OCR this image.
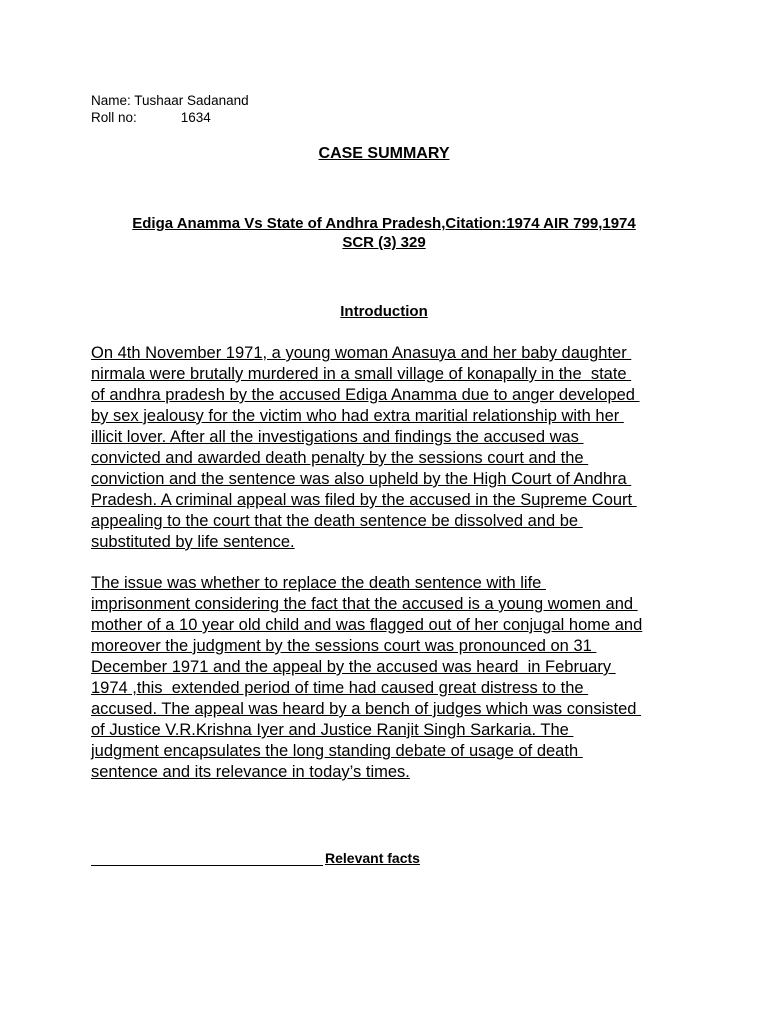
Name: Tushaar Sadanand
Roll no:	1634
CASE SUMMARY
Ediga Anamma Vs State of Andhra Pradesh,Citation:1974 AIR 799,1974
SCR (3) 329
Introduction
On 4th November 1971, a young woman Anasuya and her baby daughter
nirmala were brutally murdered in a small village of konapally in the  state
of andhra pradesh by the accused Ediga Anamma due to anger developed
by sex jealousy for the victim who had extra maritial relationship with her
illicit lover. After all the investigations and findings the accused was
convicted and awarded death penalty by the sessions court and the
conviction and the sentence was also upheld by the High Court of Andhra
Pradesh. A criminal appeal was filed by the accused in the Supreme Court
appealing to the court that the death sentence be dissolved and be
substituted by life sentence.
The issue was whether to replace the death sentence with life
imprisonment considering the fact that the accused is a young women and
mother of a 10 year old child and was flagged out of her conjugal home and
moreover the judgment by the sessions court was pronounced on 31
December 1971 and the appeal by the accused was heard  in February
1974 ,this  extended period of time had caused great distress to the
accused. The appeal was heard by a bench of judges which was consisted
of Justice V.R.Krishna Iyer and Justice Ranjit Singh Sarkaria. The
judgment encapsulates the long standing debate of usage of death
sentence and its relevance in today’s times.
Relevant facts
